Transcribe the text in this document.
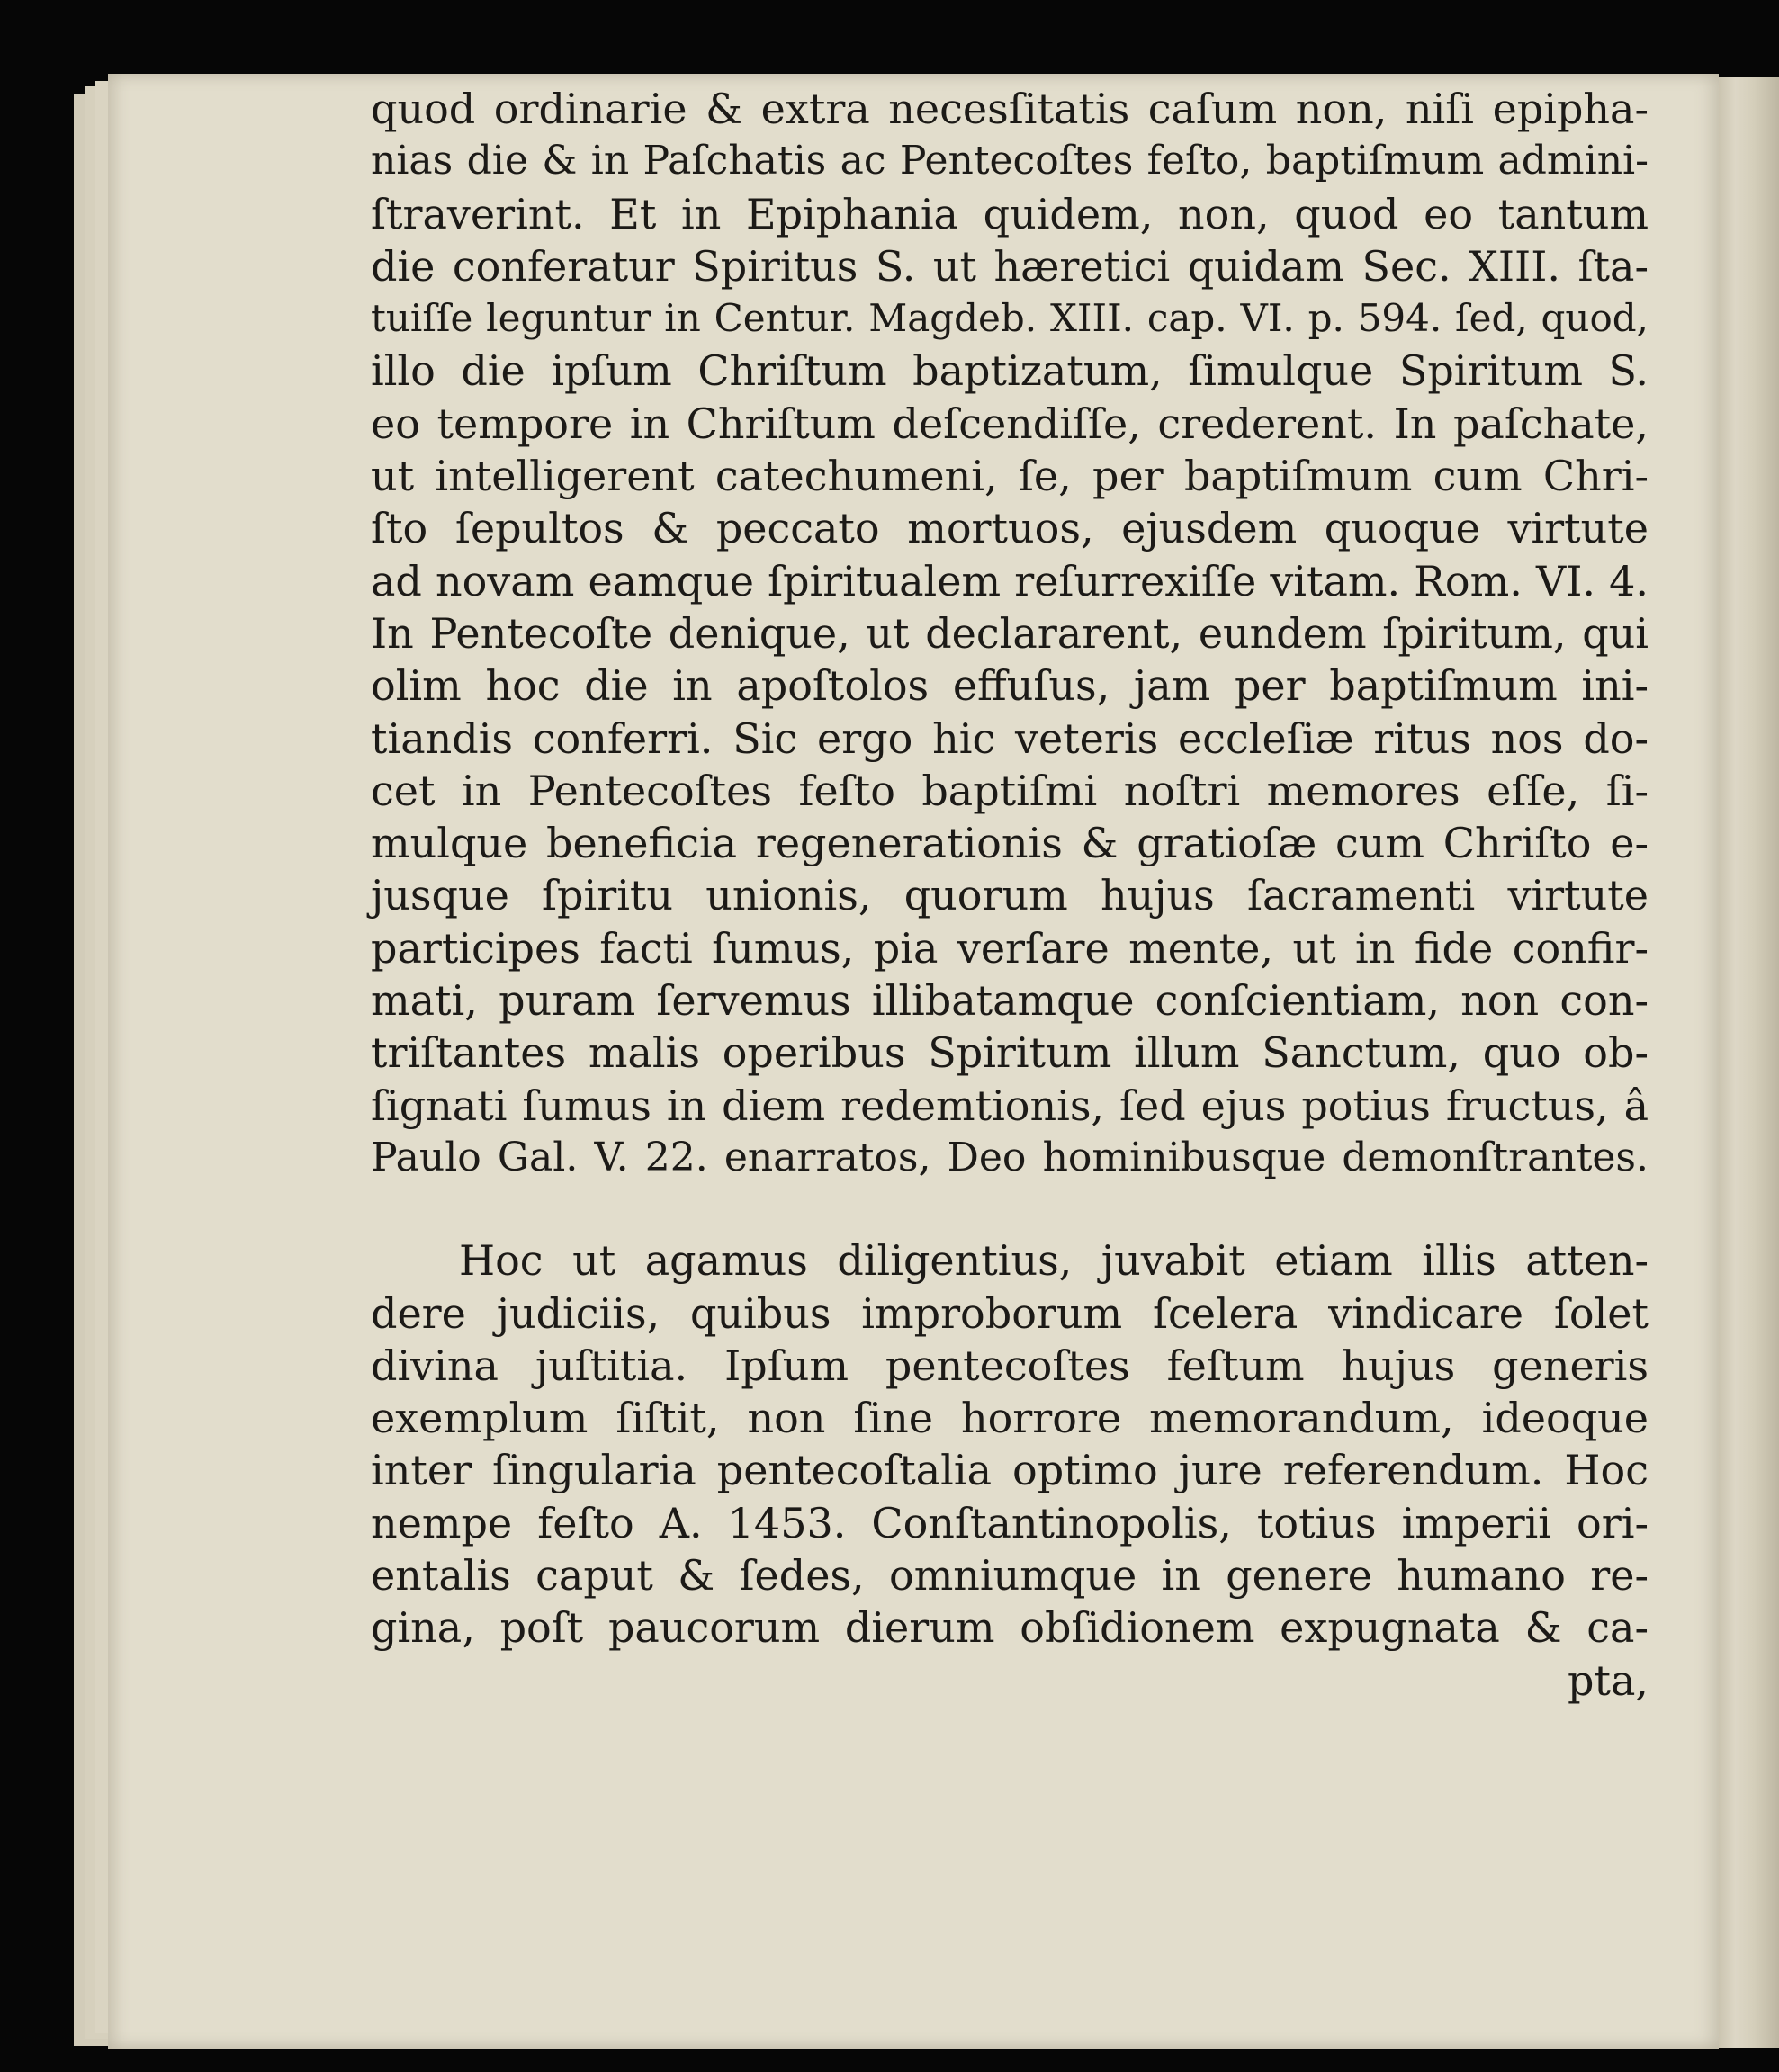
quod ordinarie & extra necesſitatis caſum non, niſi epipha-
nias die & in Paſchatis ac Pentecoſtes feſto, baptiſmum admini-
ſtraverint. Et in Epiphania quidem, non, quod eo tantum
die conferatur Spiritus S. ut hæretici quidam Sec. XIII. ſta-
tuiſſe leguntur in Centur. Magdeb. XIII. cap. VI. p. 594. ſed, quod,
illo die ipſum Chriſtum baptizatum, ſimulque Spiritum S.
eo tempore in Chriſtum deſcendiſſe, crederent. In paſchate,
ut intelligerent catechumeni, ſe, per baptiſmum cum Chri-
ſto ſepultos & peccato mortuos, ejusdem quoque virtute
ad novam eamque ſpiritualem reſurrexiſſe vitam. Rom. VI. 4.
In Pentecoſte denique, ut declararent, eundem ſpiritum, qui
olim hoc die in apoſtolos effuſus, jam per baptiſmum ini-
tiandis conferri. Sic ergo hic veteris eccleſiæ ritus nos do-
cet in Pentecoſtes feſto baptiſmi noſtri memores eſſe, ſi-
mulque beneficia regenerationis & gratioſæ cum Chriſto e-
jusque ſpiritu unionis, quorum hujus ſacramenti virtute
participes facti ſumus, pia verſare mente, ut in fide confir-
mati, puram ſervemus illibatamque conſcientiam, non con-
triſtantes malis operibus Spiritum illum Sanctum, quo ob-
ſignati ſumus in diem redemtionis, ſed ejus potius fructus, â
Paulo Gal. V. 22. enarratos, Deo hominibusque demonſtrantes.
Hoc ut agamus diligentius, juvabit etiam illis atten-
dere judiciis, quibus improborum ſcelera vindicare ſolet
divina juſtitia. Ipſum pentecoſtes feſtum hujus generis
exemplum ſiſtit, non ſine horrore memorandum, ideoque
inter ſingularia pentecoſtalia optimo jure referendum. Hoc
nempe feſto A. 1453. Conſtantinopolis, totius imperii ori-
entalis caput & ſedes, omniumque in genere humano re-
gina, poſt paucorum dierum obſidionem expugnata & ca-
pta,
